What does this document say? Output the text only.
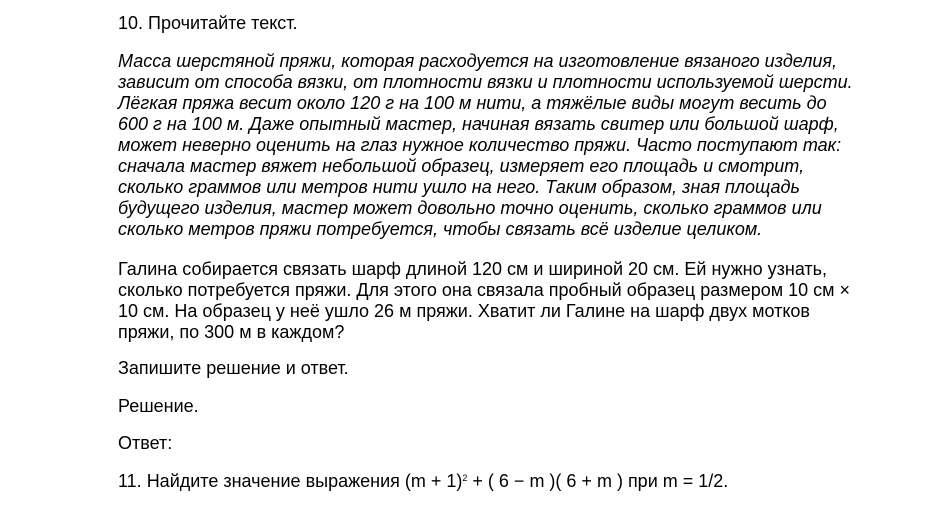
10. Прочитайте текст.
Масса шерстяной пряжи, которая расходуется на изготовление вязаного изделия,
зависит от способа вязки, от плотности вязки и плотности используемой шерсти.
Лёгкая пряжа весит около 120 г на 100 м нити, а тяжёлые виды могут весить до
600 г на 100 м. Даже опытный мастер, начиная вязать свитер или большой шарф,
может неверно оценить на глаз нужное количество пряжи. Часто поступают так:
сначала мастер вяжет небольшой образец, измеряет его площадь и смотрит,
сколько граммов или метров нити ушло на него. Таким образом, зная площадь
будущего изделия, мастер может довольно точно оценить, сколько граммов или
сколько метров пряжи потребуется, чтобы связать всё изделие целиком.
Галина собирается связать шарф длиной 120 см и шириной 20 см. Ей нужно узнать,
сколько потребуется пряжи. Для этого она связала пробный образец размером 10 см ×
10 см. На образец у неё ушло 26 м пряжи. Хватит ли Галине на шарф двух мотков
пряжи, по 300 м в каждом?
Запишите решение и ответ.
Решение.
Ответ:
11. Найдите значение выражения $(m + 1)^2$ + ( 6 − m )( 6 + m ) при m = 1/2.
